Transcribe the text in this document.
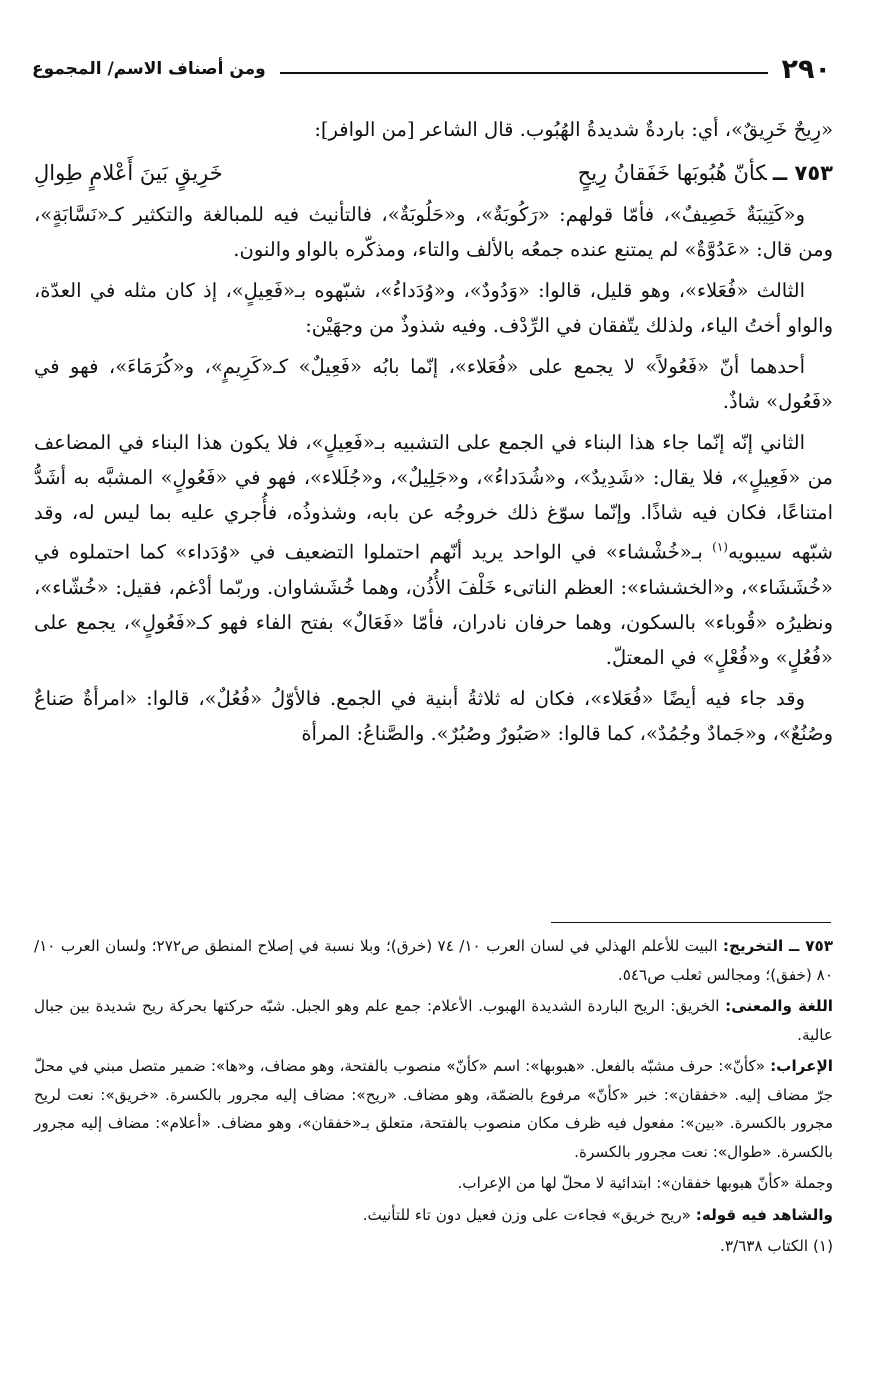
٢٩٠
ومن أصناف الاسم/ المجموع

«رِيحٌ خَرِيقٌ»، أي: باردةٌ شديدةُ الهُبُوب. قال الشاعر [من الوافر]:

٧٥٣ ــكأنّ هُبُوبَها خَفَقانُ رِيحٍ
خَرِيقٍ بَينَ أَعْلامٍ طِوالِ

و«كَتِيبَةٌ خَصِيفٌ»، فأمّا قولهم: «رَكُوبَةٌ»، و«حَلُوبَةٌ»، فالتأنيث فيه للمبالغة والتكثير كـ«نَسَّابَةٍ»، ومن قال: «عَدُوَّةٌ» لم يمتنع عنده جمعُه بالألف والتاء، ومذكّره بالواو والنون.

الثالث «فُعَلاء»، وهو قليل، قالوا: «وَدُودٌ»، و«وُدَداءُ»، شبّهوه بـ«فَعِيلٍ»، إذ كان مثله في العدّة، والواو أختُ الياء، ولذلك يتّفقان في الرِّدْف. وفيه شذوذٌ من وجهَيْن:

أحدهما أنّ «فَعُولاً» لا يجمع على «فُعَلاء»، إنّما بابُه «فَعِيلٌ» كـ«كَرِيمٍ»، و«كُرَمَاءَ»، فهو في «فَعُول» شاذٌ.

الثاني إنّه إنّما جاء هذا البناء في الجمع على التشبيه بـ«فَعِيلٍ»، فلا يكون هذا البناء في المضاعف من «فَعِيلٍ»، فلا يقال: «شَدِيدٌ»، و«شُدَداءُ»، و«جَلِيلٌ»، و«جُلَلاء»، فهو في «فَعُولٍ» المشبَّه به أشَدُّ امتناعًا، فكان فيه شاذًا. وإنّما سوّغ ذلك خروجُه عن بابه، وشذوذُه، فأُجري عليه بما ليس له، وقد شبّهه سيبويه$^{(١)}$ بـ«خُشْشاء» في الواحد يريد أنّهم احتملوا التضعيف في «وُدَداء» كما احتملوه في «خُشَشَاء»، و«الخششاء»: العظم الناتىء خَلْفَ الأُذُن، وهما خُشَشاوان. وربّما أدْغم، فقيل: «خُشّاء»، ونظيرُه «قُوباء» بالسكون، وهما حرفان نادران، فأمّا «فَعَالٌ» بفتح الفاء فهو كـ«فَعُولٍ»، يجمع على «فُعُلٍ» و«فُعْلٍ» في المعتلّ.

وقد جاء فيه أيضًا «فُعَلاء»، فكان له ثلاثةُ أبنية في الجمع. فالأوّلُ «فُعُلٌ»، قالوا: «امرأةٌ صَناعٌ وصُنُعٌ»، و«جَمادٌ وجُمُدٌ»، كما قالوا: «صَبُورٌ وصُبُرٌ». والصَّناعُ: المرأة

٧٥٣ ــ التخريج: البيت للأعلم الهذلي في لسان العرب ١٠/ ٧٤ (خرق)؛ وبلا نسبة في إصلاح المنطق ص٢٧٢؛ ولسان العرب ١٠/ ٨٠ (خفق)؛ ومجالس ثعلب ص٥٤٦.

اللغة والمعنى: الخريق: الريح الباردة الشديدة الهبوب. الأعلام: جمع علم وهو الجبل. شبّه حركتها بحركة ريح شديدة بين جبال عالية.

الإعراب: «كأنّ»: حرف مشبّه بالفعل. «هبوبها»: اسم «كأنّ» منصوب بالفتحة، وهو مضاف، و«ها»: ضمير متصل مبني في محلّ جرّ مضاف إليه. «خفقان»: خبر «كأنّ» مرفوع بالضمّة، وهو مضاف. «ريح»: مضاف إليه مجرور بالكسرة. «خريق»: نعت لريح مجرور بالكسرة. «بين»: مفعول فيه ظرف مكان منصوب بالفتحة، متعلق بـ«خفقان»، وهو مضاف. «أعلام»: مضاف إليه مجرور بالكسرة. «طوال»: نعت مجرور بالكسرة.

وجملة «كأنّ هبوبها خفقان»: ابتدائية لا محلّ لها من الإعراب.

والشاهد فيه قوله: «ريح خريق» فجاءت على وزن فعيل دون تاء للتأنيث.

(١) الكتاب ٣/٦٣٨.
